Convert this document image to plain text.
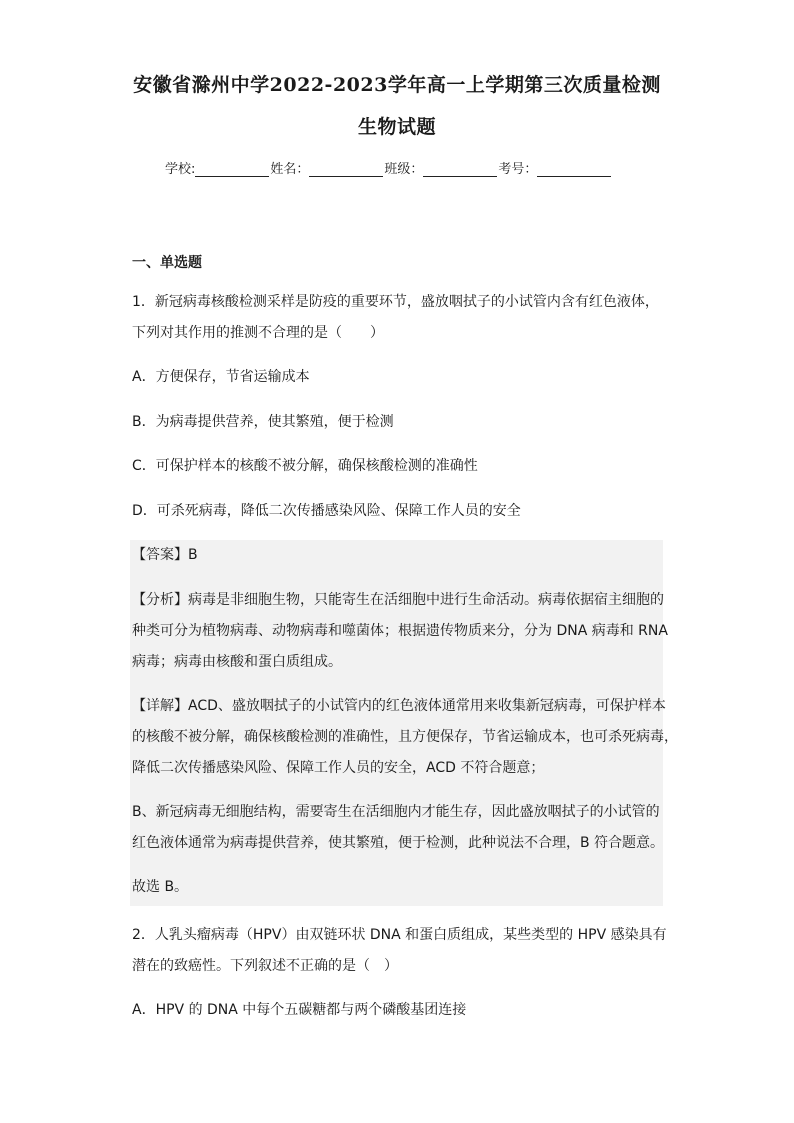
安徽省滁州中学2022-2023学年高一上学期第三次质量检测
生物试题
学校:	姓名：	班级：	考号：
一、单选题
1．新冠病毒核酸检测采样是防疫的重要环节，盛放咽拭子的小试管内含有红色液体，
下列对其作用的推测不合理的是（　　）
A．方便保存，节省运输成本
B．为病毒提供营养，使其繁殖，便于检测
C．可保护样本的核酸不被分解，确保核酸检测的准确性
D．可杀死病毒，降低二次传播感染风险、保障工作人员的安全
【答案】B
【分析】病毒是非细胞生物，只能寄生在活细胞中进行生命活动。病毒依据宿主细胞的
种类可分为植物病毒、动物病毒和噬菌体；根据遗传物质来分，分为 DNA 病毒和 RNA
病毒；病毒由核酸和蛋白质组成。
【详解】ACD、盛放咽拭子的小试管内的红色液体通常用来收集新冠病毒，可保护样本
的核酸不被分解，确保核酸检测的准确性，且方便保存，节省运输成本，也可杀死病毒，
降低二次传播感染风险、保障工作人员的安全，ACD 不符合题意；
B、新冠病毒无细胞结构，需要寄生在活细胞内才能生存，因此盛放咽拭子的小试管的
红色液体通常为病毒提供营养，使其繁殖，便于检测，此种说法不合理，B 符合题意。
故选 B。
2．人乳头瘤病毒（HPV）由双链环状 DNA 和蛋白质组成，某些类型的 HPV 感染具有
潜在的致癌性。下列叙述不正确的是（　）
A．HPV 的 DNA 中每个五碳糖都与两个磷酸基团连接
